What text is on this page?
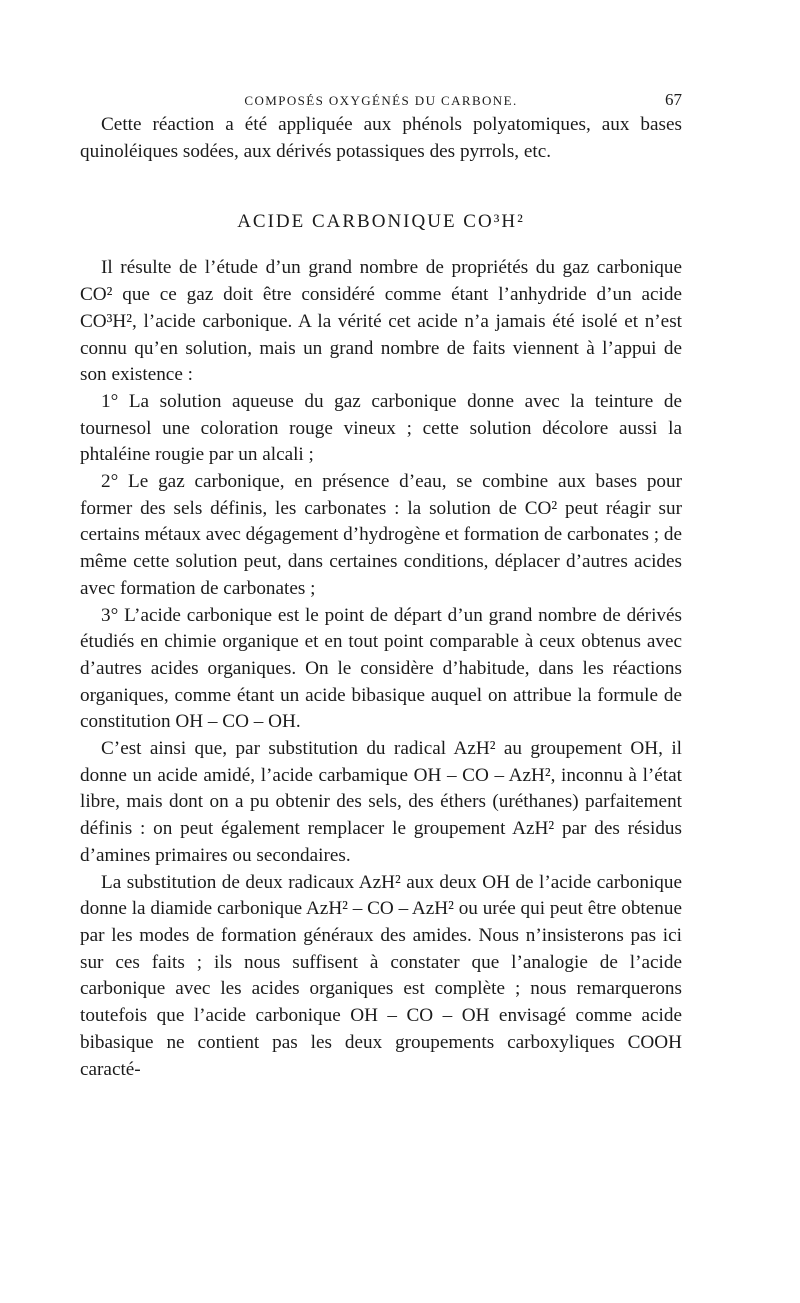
COMPOSÉS OXYGÉNÉS DU CARBONE.	67

Cette réaction a été appliquée aux phénols polyatomiques, aux bases quinoléiques sodées, aux dérivés potassiques des pyrrols, etc.

ACIDE CARBONIQUE CO³H²

Il résulte de l’étude d’un grand nombre de propriétés du gaz carbonique CO² que ce gaz doit être considéré comme étant l’anhydride d’un acide CO³H², l’acide carbonique. A la vérité cet acide n’a jamais été isolé et n’est connu qu’en solution, mais un grand nombre de faits viennent à l’appui de son existence :

1° La solution aqueuse du gaz carbonique donne avec la teinture de tournesol une coloration rouge vineux ; cette solution décolore aussi la phtaléine rougie par un alcali ;

2° Le gaz carbonique, en présence d’eau, se combine aux bases pour former des sels définis, les carbonates : la solution de CO² peut réagir sur certains métaux avec dégagement d’hydrogène et formation de carbonates ; de même cette solution peut, dans certaines conditions, déplacer d’autres acides avec formation de carbonates ;

3° L’acide carbonique est le point de départ d’un grand nombre de dérivés étudiés en chimie organique et en tout point comparable à ceux obtenus avec d’autres acides organiques. On le considère d’habitude, dans les réactions organiques, comme étant un acide bibasique auquel on attribue la formule de constitution OH – CO – OH.

C’est ainsi que, par substitution du radical AzH² au groupement OH, il donne un acide amidé, l’acide carbamique OH – CO – AzH², inconnu à l’état libre, mais dont on a pu obtenir des sels, des éthers (uréthanes) parfaitement définis : on peut également remplacer le groupement AzH² par des résidus d’amines primaires ou secondaires.

La substitution de deux radicaux AzH² aux deux OH de l’acide carbonique donne la diamide carbonique AzH² – CO – AzH² ou urée qui peut être obtenue par les modes de formation généraux des amides. Nous n’insisterons pas ici sur ces faits ; ils nous suffisent à constater que l’analogie de l’acide carbonique avec les acides organiques est complète ; nous remarquerons toutefois que l’acide carbonique OH – CO – OH envisagé comme acide bibasique ne contient pas les deux groupements carboxyliques COOH caracté-
